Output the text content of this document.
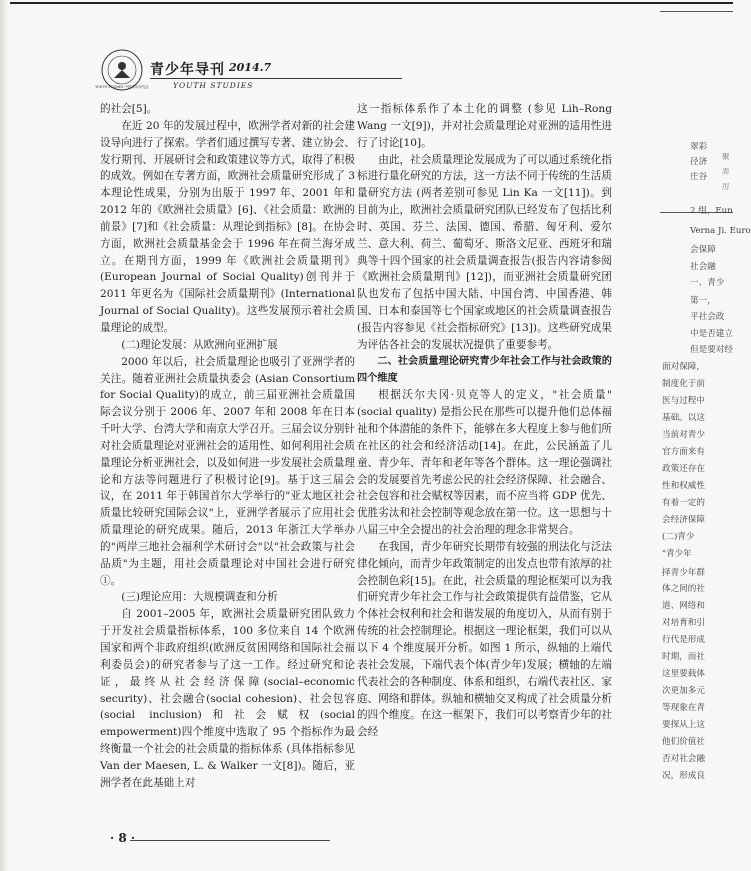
YOUTH STUDIES 中国青年研究会
青少年导刊 2014.7
YOUTH STUDIES

的社会[5]。

在近 20 年的发展过程中，欧洲学者对新的社会建设导向进行了探索。学者们通过撰写专著、建立协会、发行期刊、开展研讨会和政策建议等方式，取得了积极的成效。例如在专著方面，欧洲社会质量研究形成了 3 本理论性成果，分别为出版于 1997 年、2001 年和 2012 年的《欧洲社会质量》[6]、《社会质量：欧洲的前景》[7]和《社会质量：从理论到指标》[8]。在协会方面，欧洲社会质量基金会于 1996 年在荷兰海牙成立。在期刊方面，1999 年《欧洲社会质量期刊》(European Journal of Social Quality)创刊并于 2011 年更名为《国际社会质量期刊》(International Journal of Social Quality)。这些发展预示着社会质量理论的成型。

(二)理论发展：从欧洲向亚洲扩展

2000 年以后，社会质量理论也吸引了亚洲学者的关注。随着亚洲社会质量执委会 (Asian Consortium for Social Quality)的成立，前三届亚洲社会质量国际会议分别于 2006 年、2007 年和 2008 年在日本千叶大学、台湾大学和南京大学召开。三届会议分别针对社会质量理论对亚洲社会的适用性、如何利用社会质量理论分析亚洲社会，以及如何进一步发展社会质量理论和方法等问题进行了积极讨论[9]。基于这三届会议，在 2011 年于韩国首尔大学举行的"亚太地区社会质量比较研究国际会议"上，亚洲学者展示了应用社会质量理论的研究成果。随后，2013 年浙江大学举办的"两岸三地社会福利学术研讨会"以"社会政策与社会品质"为主题，用社会质量理论对中国社会进行研究①。

(三)理论应用：大规模调查和分析

自 2001–2005 年，欧洲社会质量研究团队致力于开发社会质量指标体系，100 多位来自 14 个欧洲国家和两个非政府组织(欧洲反贫困网络和国际社会福利委员会)的研究者参与了这一工作。经过研究和论证，最终从社会经济保障(social–economic security)、社会融合(social cohesion)、社会包容(social inclusion)和社会赋权(social empowerment)四个维度中选取了 95 个指标作为最终衡量一个社会的社会质量的指标体系 (具体指标参见 Van der Maesen, L. & Walker 一文[8])。随后，亚洲学者在此基础上对

这一指标体系作了本土化的调整 (参见 Lih–Rong Wang 一文[9])，并对社会质量理论对亚洲的适用性进行了讨论[10]。

由此，社会质量理论发展成为了可以通过系统化指标进行量化研究的方法，这一方法不同于传统的生活质量研究方法 (两者差别可参见 Lin Ka 一文[11])。到目前为止，欧洲社会质量研究团队已经发布了包括比利时、英国、芬兰、法国、德国、希腊、匈牙利、爱尔兰、意大利、荷兰、葡萄牙、斯洛文尼亚、西班牙和瑞典等十四个国家的社会质量调查报告(报告内容请参阅《欧洲社会质量期刊》[12])，而亚洲社会质量研究团队也发布了包括中国大陆、中国台湾、中国香港、韩国、日本和泰国等七个国家或地区的社会质量调查报告(报告内容参见《社会指标研究》[13])。这些研究成果为评估各社会的发展状况提供了重要参考。

二、社会质量理论研究青少年社会工作与社会政策的四个维度

根据沃尔夫冈·贝克等人的定义，"社会质量"(social quality) 是指公民在那些可以提升他们总体福祉和个体潜能的条件下，能够在多大程度上参与他们所在社区的社会和经济活动[14]。在此，公民涵盖了儿童、青少年、青年和老年等各个群体。这一理论强调社会的发展要首先考虑公民的社会经济保障、社会融合、社会包容和社会赋权等因素，而不应当将 GDP 优先、优胜劣汰和社会控制等观念放在第一位。这一思想与十八届三中全会提出的社会治理的理念非常契合。

在我国，青少年研究长期带有较强的刑法化与泛法律化倾向，而青少年政策制定的出发点也带有浓厚的社会控制色彩[15]。在此，社会质量的理论框架可以为我们研究青少年社会工作与社会政策提供有益借鉴，它从个体社会权利和社会和谐发展的角度切入，从而有别于传统的社会控制理论。根据这一理论框架，我们可以从以下 4 个维度展开分析。如图 1 所示，纵轴的上端代表社会发展，下端代表个体(青少年)发展；横轴的左端代表社会的各种制度、体系和组织，右端代表社区、家庭、网络和群体。纵轴和横轴交叉构成了社会质量分析的四个维度。在这一框架下，我们可以考察青少年的社会经

· 8 ·
翠彩
径济
庄谷
2 组，Eun
Verna Ji. Euro
会保障
社会融
一、青少
第一，
平社会政
中是否建立
但是要对经
面对保障，
制度化于前
医与过程中
基础。以这
当前对青少
官方面来有
政策还存在
性和权威性
有着一定的
会经济保障
(二)青少
"青少年
择青少年群
体之间的社
道、网络和
对培育和引
行代是形成
时期，而社
这里要载体
次更加多元
等现象在青
要探从上这
他们价值社
否对社会融
况，形成良
聚
弄
厉
